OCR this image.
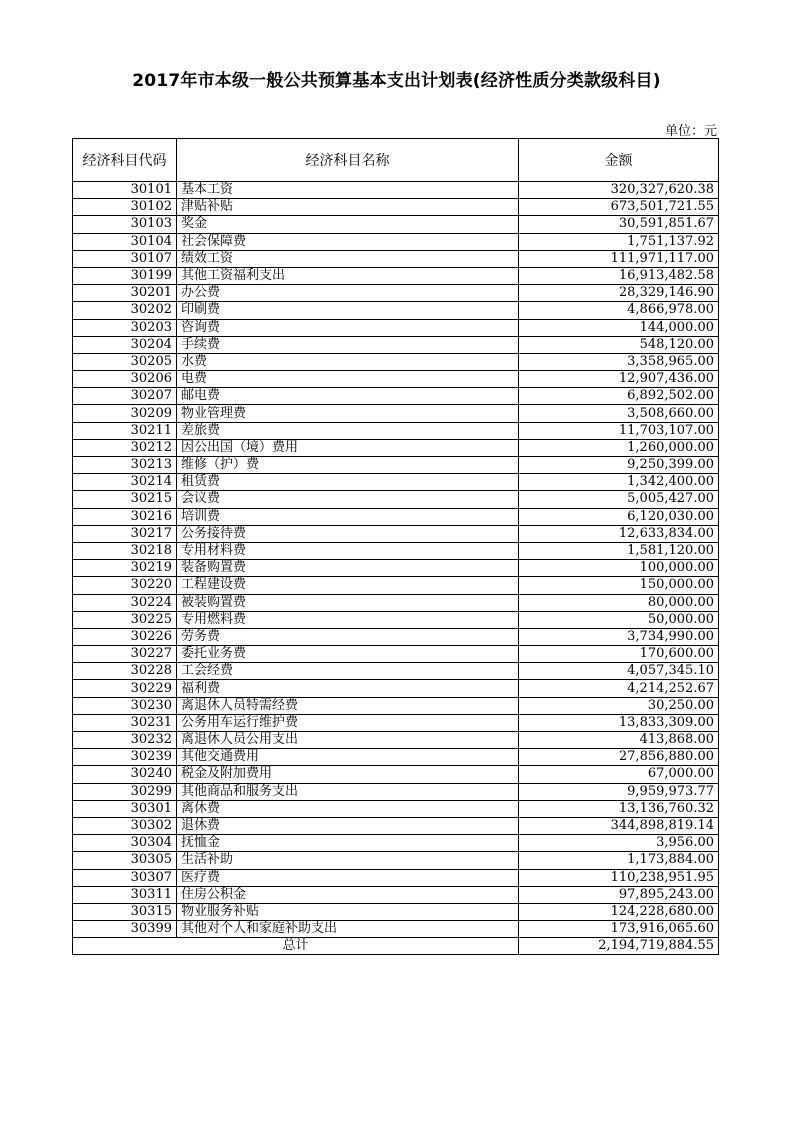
2017年市本级一般公共预算基本支出计划表(经济性质分类款级科目)
单位：元
经济科目代码	经济科目名称	金额
30101	基本工资	320,327,620.38
30102	津贴补贴	673,501,721.55
30103	奖金	30,591,851.67
30104	社会保障费	1,751,137.92
30107	绩效工资	111,971,117.00
30199	其他工资福利支出	16,913,482.58
30201	办公费	28,329,146.90
30202	印刷费	4,866,978.00
30203	咨询费	144,000.00
30204	手续费	548,120.00
30205	水费	3,358,965.00
30206	电费	12,907,436.00
30207	邮电费	6,892,502.00
30209	物业管理费	3,508,660.00
30211	差旅费	11,703,107.00
30212	因公出国（境）费用	1,260,000.00
30213	维修（护）费	9,250,399.00
30214	租赁费	1,342,400.00
30215	会议费	5,005,427.00
30216	培训费	6,120,030.00
30217	公务接待费	12,633,834.00
30218	专用材料费	1,581,120.00
30219	装备购置费	100,000.00
30220	工程建设费	150,000.00
30224	被装购置费	80,000.00
30225	专用燃料费	50,000.00
30226	劳务费	3,734,990.00
30227	委托业务费	170,600.00
30228	工会经费	4,057,345.10
30229	福利费	4,214,252.67
30230	离退休人员特需经费	30,250.00
30231	公务用车运行维护费	13,833,309.00
30232	离退休人员公用支出	413,868.00
30239	其他交通费用	27,856,880.00
30240	税金及附加费用	67,000.00
30299	其他商品和服务支出	9,959,973.77
30301	离休费	13,136,760.32
30302	退休费	344,898,819.14
30304	抚恤金	3,956.00
30305	生活补助	1,173,884.00
30307	医疗费	110,238,951.95
30311	住房公积金	97,895,243.00
30315	物业服务补贴	124,228,680.00
30399	其他对个人和家庭补助支出	173,916,065.60
总计		2,194,719,884.55
